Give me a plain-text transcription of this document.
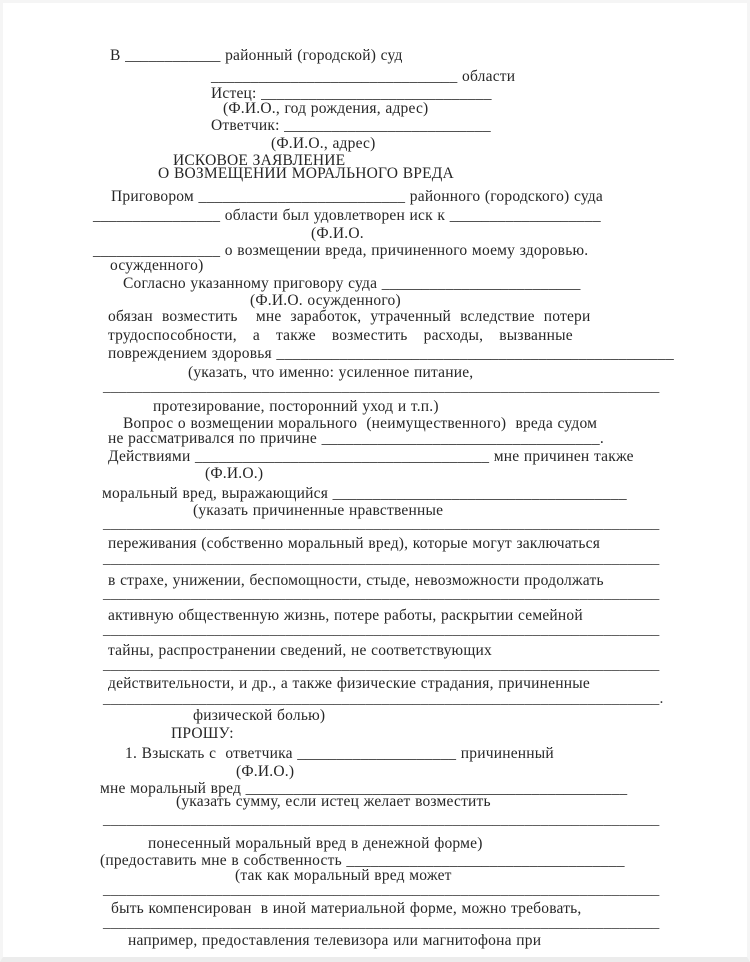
В ____________ районный (городской) суд
_______________________________ области
Истец: _____________________________
(Ф.И.О., год рождения, адрес)
Ответчик: __________________________
(Ф.И.О., адрес)
ИСКОВОЕ ЗАЯВЛЕНИЕ
О ВОЗМЕЩЕНИИ МОРАЛЬНОГО ВРЕДА
Приговором __________________________ районного (городского) суда
________________ области был удовлетворен иск к ___________________
(Ф.И.О.
________________ о возмещении вреда, причиненного моему здоровью.
осужденного)
Согласно указанному приговору суда _________________________
(Ф.И.О. осужденного)
обязан возместить  мне заработок, утраченный вследствие потери
трудоспособности, а также возместить расходы, вызванные
повреждением здоровья __________________________________________________
(указать, что именно: усиленное питание,
______________________________________________________________________
протезирование, посторонний уход и т.п.)
Вопрос о возмещении морального  (неимущественного)  вреда судом
не рассматривался по причине ___________________________________.
Действиями _____________________________________ мне причинен также
(Ф.И.О.)
моральный вред, выражающийся _____________________________________
(указать причиненные нравственные
______________________________________________________________________
переживания (собственно моральный вред), которые могут заключаться
______________________________________________________________________
в страхе, унижении, беспомощности, стыде, невозможности продолжать
______________________________________________________________________
активную общественную жизнь, потере работы, раскрытии семейной
______________________________________________________________________
тайны, распространении сведений, не соответствующих
______________________________________________________________________
действительности, и др., а также физические страдания, причиненные
______________________________________________________________________.
физической болью)
ПРОШУ:
1. Взыскать с  ответчика ____________________ причиненный
(Ф.И.О.)
мне моральный вред ________________________________________________
(указать сумму, если истец желает возместить
______________________________________________________________________
понесенный моральный вред в денежной форме)
(предоставить мне в собственность ___________________________________
(так как моральный вред может
______________________________________________________________________
быть компенсирован  в иной материальной форме, можно требовать,
______________________________________________________________________
например, предоставления телевизора или магнитофона при
